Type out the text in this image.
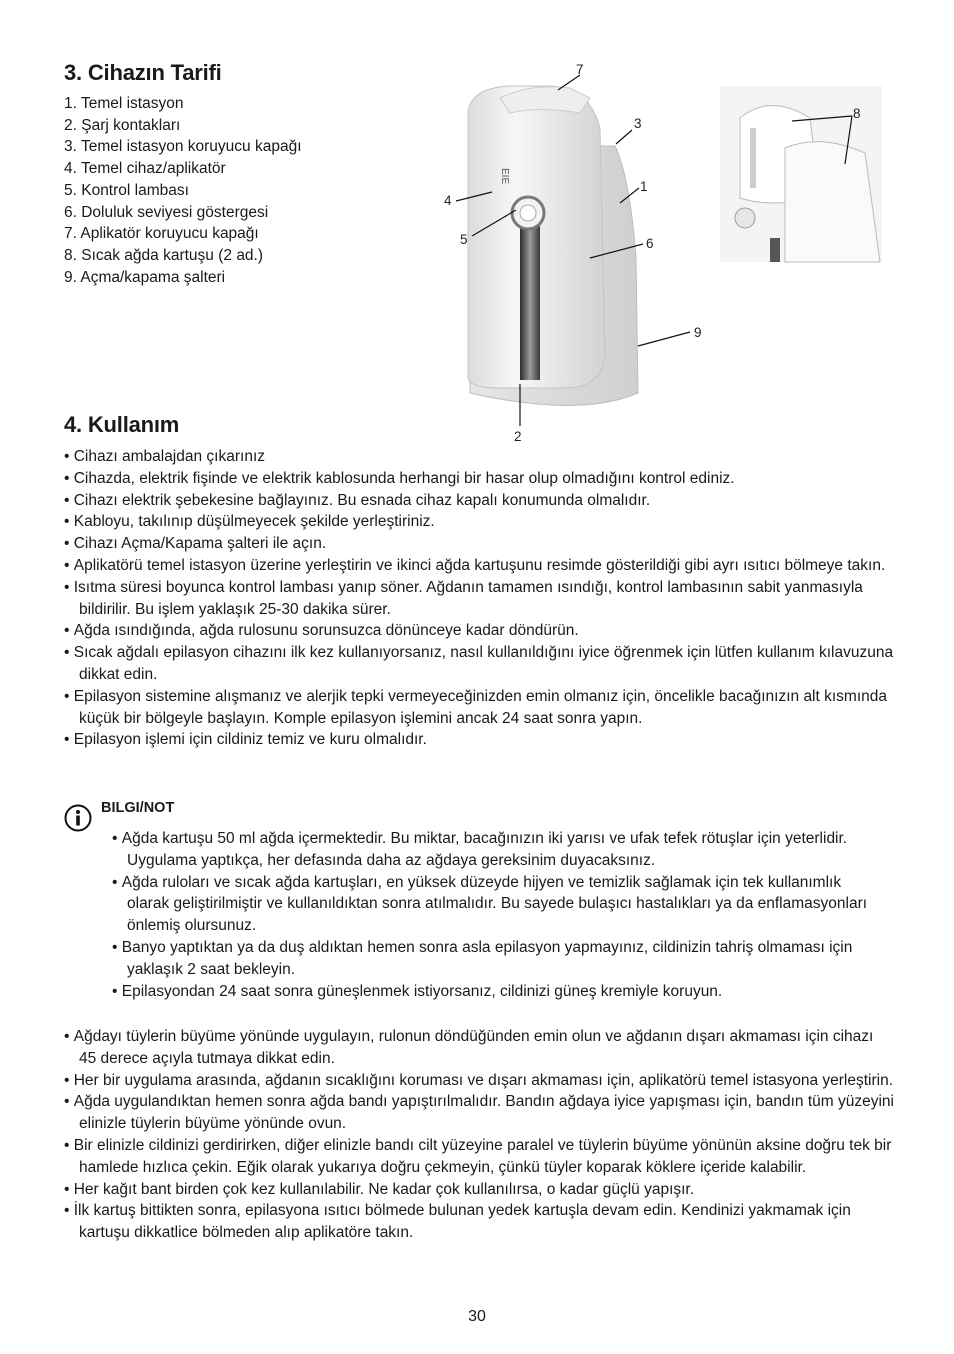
3. Cihazın Tarifi
1. Temel istasyon
2. Şarj kontakları
3. Temel istasyon koruyucu kapağı
4. Temel cihaz/aplikatör
5. Kontrol lambası
6. Doluluk seviyesi göstergesi
7. Aplikatör koruyucu kapağı
8. Sıcak ağda kartuşu (2 ad.)
9. Açma/kapama şalteri
EIE
1
2
3
4
5	6
7
8
9
4. Kullanım
• Cihazı ambalajdan çıkarınız
• Cihazda, elektrik fişinde ve elektrik kablosunda herhangi bir hasar olup olmadığını kontrol ediniz.
• Cihazı elektrik şebekesine bağlayınız. Bu esnada cihaz kapalı konumunda olmalıdır.
• Kabloyu, takılınıp düşülmeyecek şekilde yerleştiriniz.
• Cihazı Açma/Kapama şalteri ile açın.
• Aplikatörü temel istasyon üzerine yerleştirin ve ikinci ağda kartuşunu resimde gösterildiği gibi ayrı ısıtıcı bölmeye takın.
• Isıtma süresi boyunca kontrol lambası yanıp söner. Ağdanın tamamen ısındığı, kontrol lambasının sabit yanmasıyla bildirilir. Bu işlem yaklaşık 25-30 dakika sürer.
• Ağda ısındığında, ağda rulosunu sorunsuzca dönünceye kadar döndürün.
• Sıcak ağdalı epilasyon cihazını ilk kez kullanıyorsanız, nasıl kullanıldığını iyice öğrenmek için lütfen kullanım kılavuzuna dikkat edin.
• Epilasyon sistemine alışmanız ve alerjik tepki vermeyeceğinizden emin olmanız için, öncelikle bacağınızın alt kısmında küçük bir bölgeyle başlayın. Komple epilasyon işlemini ancak 24 saat sonra yapın.
• Epilasyon işlemi için cildiniz temiz ve kuru olmalıdır.
BILGI/NOT
• Ağda kartuşu 50 ml ağda içermektedir. Bu miktar, bacağınızın iki yarısı ve ufak tefek rötuşlar için yeterlidir. Uygulama yaptıkça, her defasında daha az ağdaya gereksinim duyacaksınız.
• Ağda ruloları ve sıcak ağda kartuşları, en yüksek düzeyde hijyen ve temizlik sağlamak için tek kullanımlık olarak geliştirilmiştir ve kullanıldıktan sonra atılmalıdır. Bu sayede bulaşıcı hastalıkları ya da enflamasyonları önlemiş olursunuz.
• Banyo yaptıktan ya da duş aldıktan hemen sonra asla epilasyon yapmayınız, cildinizin tahriş olmaması için yaklaşık 2 saat bekleyin.
• Epilasyondan 24 saat sonra güneşlenmek istiyorsanız, cildinizi güneş kremiyle koruyun.
• Ağdayı tüylerin büyüme yönünde uygulayın, rulonun döndüğünden emin olun ve ağdanın dışarı akmaması için cihazı 45 derece açıyla tutmaya dikkat edin.
• Her bir uygulama arasında, ağdanın sıcaklığını koruması ve dışarı akmaması için, aplikatörü temel istasyona yerleştirin.
• Ağda uygulandıktan hemen sonra ağda bandı yapıştırılmalıdır. Bandın ağdaya iyice yapışması için, bandın tüm yüzeyini elinizle tüylerin büyüme yönünde ovun.
• Bir elinizle cildinizi gerdirirken, diğer elinizle bandı cilt yüzeyine paralel ve tüylerin büyüme yönünün aksine doğru tek bir hamlede hızlıca çekin. Eğik olarak yukarıya doğru çekmeyin, çünkü tüyler koparak köklere içeride kalabilir.
• Her kağıt bant birden çok kez kullanılabilir. Ne kadar çok kullanılırsa, o kadar güçlü yapışır.
• İlk kartuş bittikten sonra, epilasyona ısıtıcı bölmede bulunan yedek kartuşla devam edin. Kendinizi yakmamak için kartuşu dikkatlice bölmeden alıp aplikatöre takın.
30
